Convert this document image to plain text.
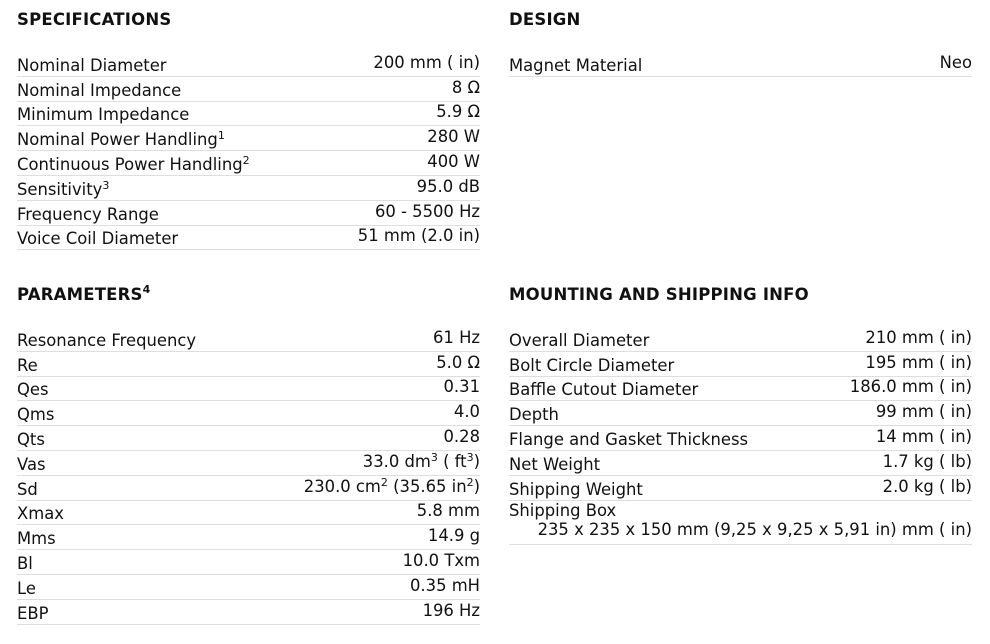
SPECIFICATIONS
Nominal Diameter	200 mm ( in)
Nominal Impedance	8 Ω
Minimum Impedance	5.9 Ω
Nominal Power Handling$^1$	280 W
Continuous Power Handling$^2$	400 W
Sensitivity$^3$	95.0 dB
Frequency Range	60 - 5500 Hz
Voice Coil Diameter	51 mm (2.0 in)
DESIGN
Magnet Material	Neo
PARAMETERS$^4$
Resonance Frequency	61 Hz
Re	5.0 Ω
Qes	0.31
Qms	4.0
Qts	0.28
Vas	33.0 $dm^3$ ( $ft^3$)
Sd	230.0 $cm^2$ (35.65 $in^2$)
Xmax	5.8 mm
Mms	14.9 g
Bl	10.0 Txm
Le	0.35 mH
EBP	196 Hz
MOUNTING AND SHIPPING INFO
Overall Diameter	210 mm ( in)
Bolt Circle Diameter	195 mm ( in)
Baffle Cutout Diameter	186.0 mm ( in)
Depth	99 mm ( in)
Flange and Gasket Thickness	14 mm ( in)
Net Weight	1.7 kg ( lb)
Shipping Weight	2.0 kg ( lb)
Shipping Box
235 x 235 x 150 mm (9,25 x 9,25 x 5,91 in) mm ( in)
